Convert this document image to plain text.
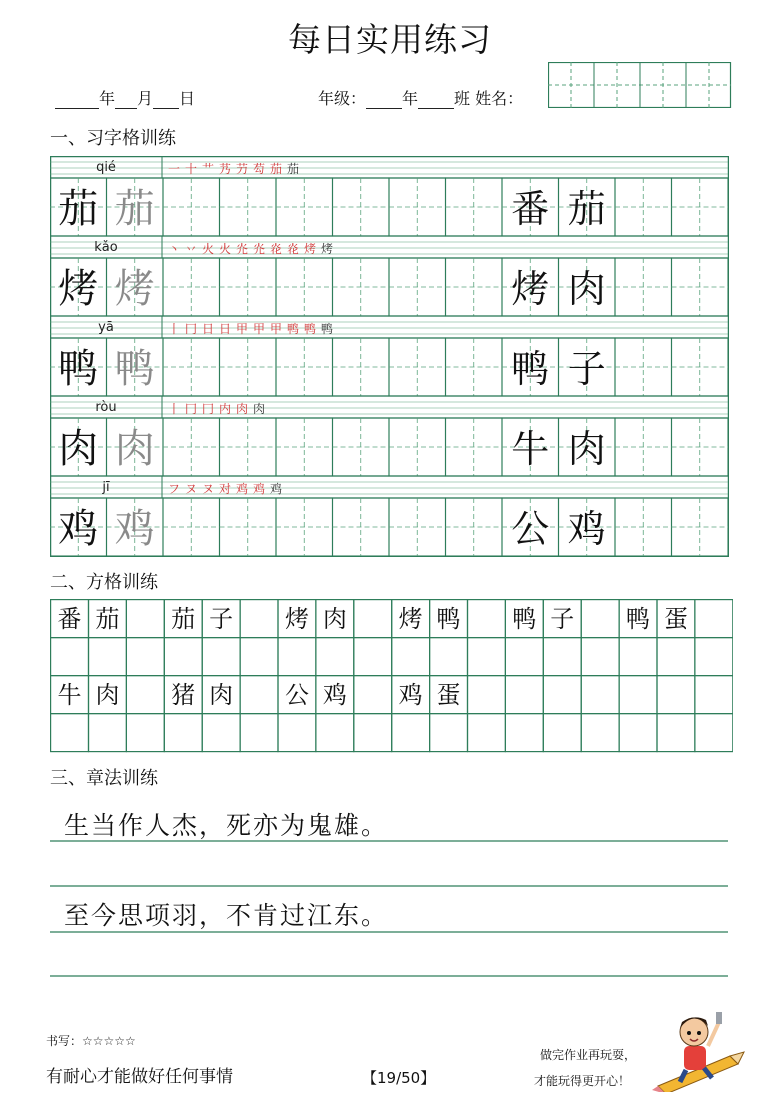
每日实用练习
年 月 日	年级： 年 班 姓名：
一、习字格训练
qié	一 十 艹 艿 芀 芶 茄 茄
茄 茄	番 茄
kǎo	丶 丷 火 火 灮 灮 炛 炛 烤 烤
烤 烤	烤 肉
yā	丨 冂 日 日 甲 甲 甲 鸭 鸭 鸭
鸭 鸭	鸭 子
ròu	丨 冂 冂 内 肉 肉
肉 肉	牛 肉
jī	フ ヌ ヌ 对 鸡 鸡 鸡
鸡 鸡	公 鸡
二、方格训练
番 茄 茄 子 烤 肉 烤 鸭 鸭 子 鸭 蛋
牛 肉 猪 肉 公 鸡 鸡 蛋
三、章法训练
生当作人杰，死亦为鬼雄。
至今思项羽，不肯过江东。
书写：☆☆☆☆☆
有耐心才能做好任何事情	【19/50】
做完作业再玩耍，
才能玩得更开心！
